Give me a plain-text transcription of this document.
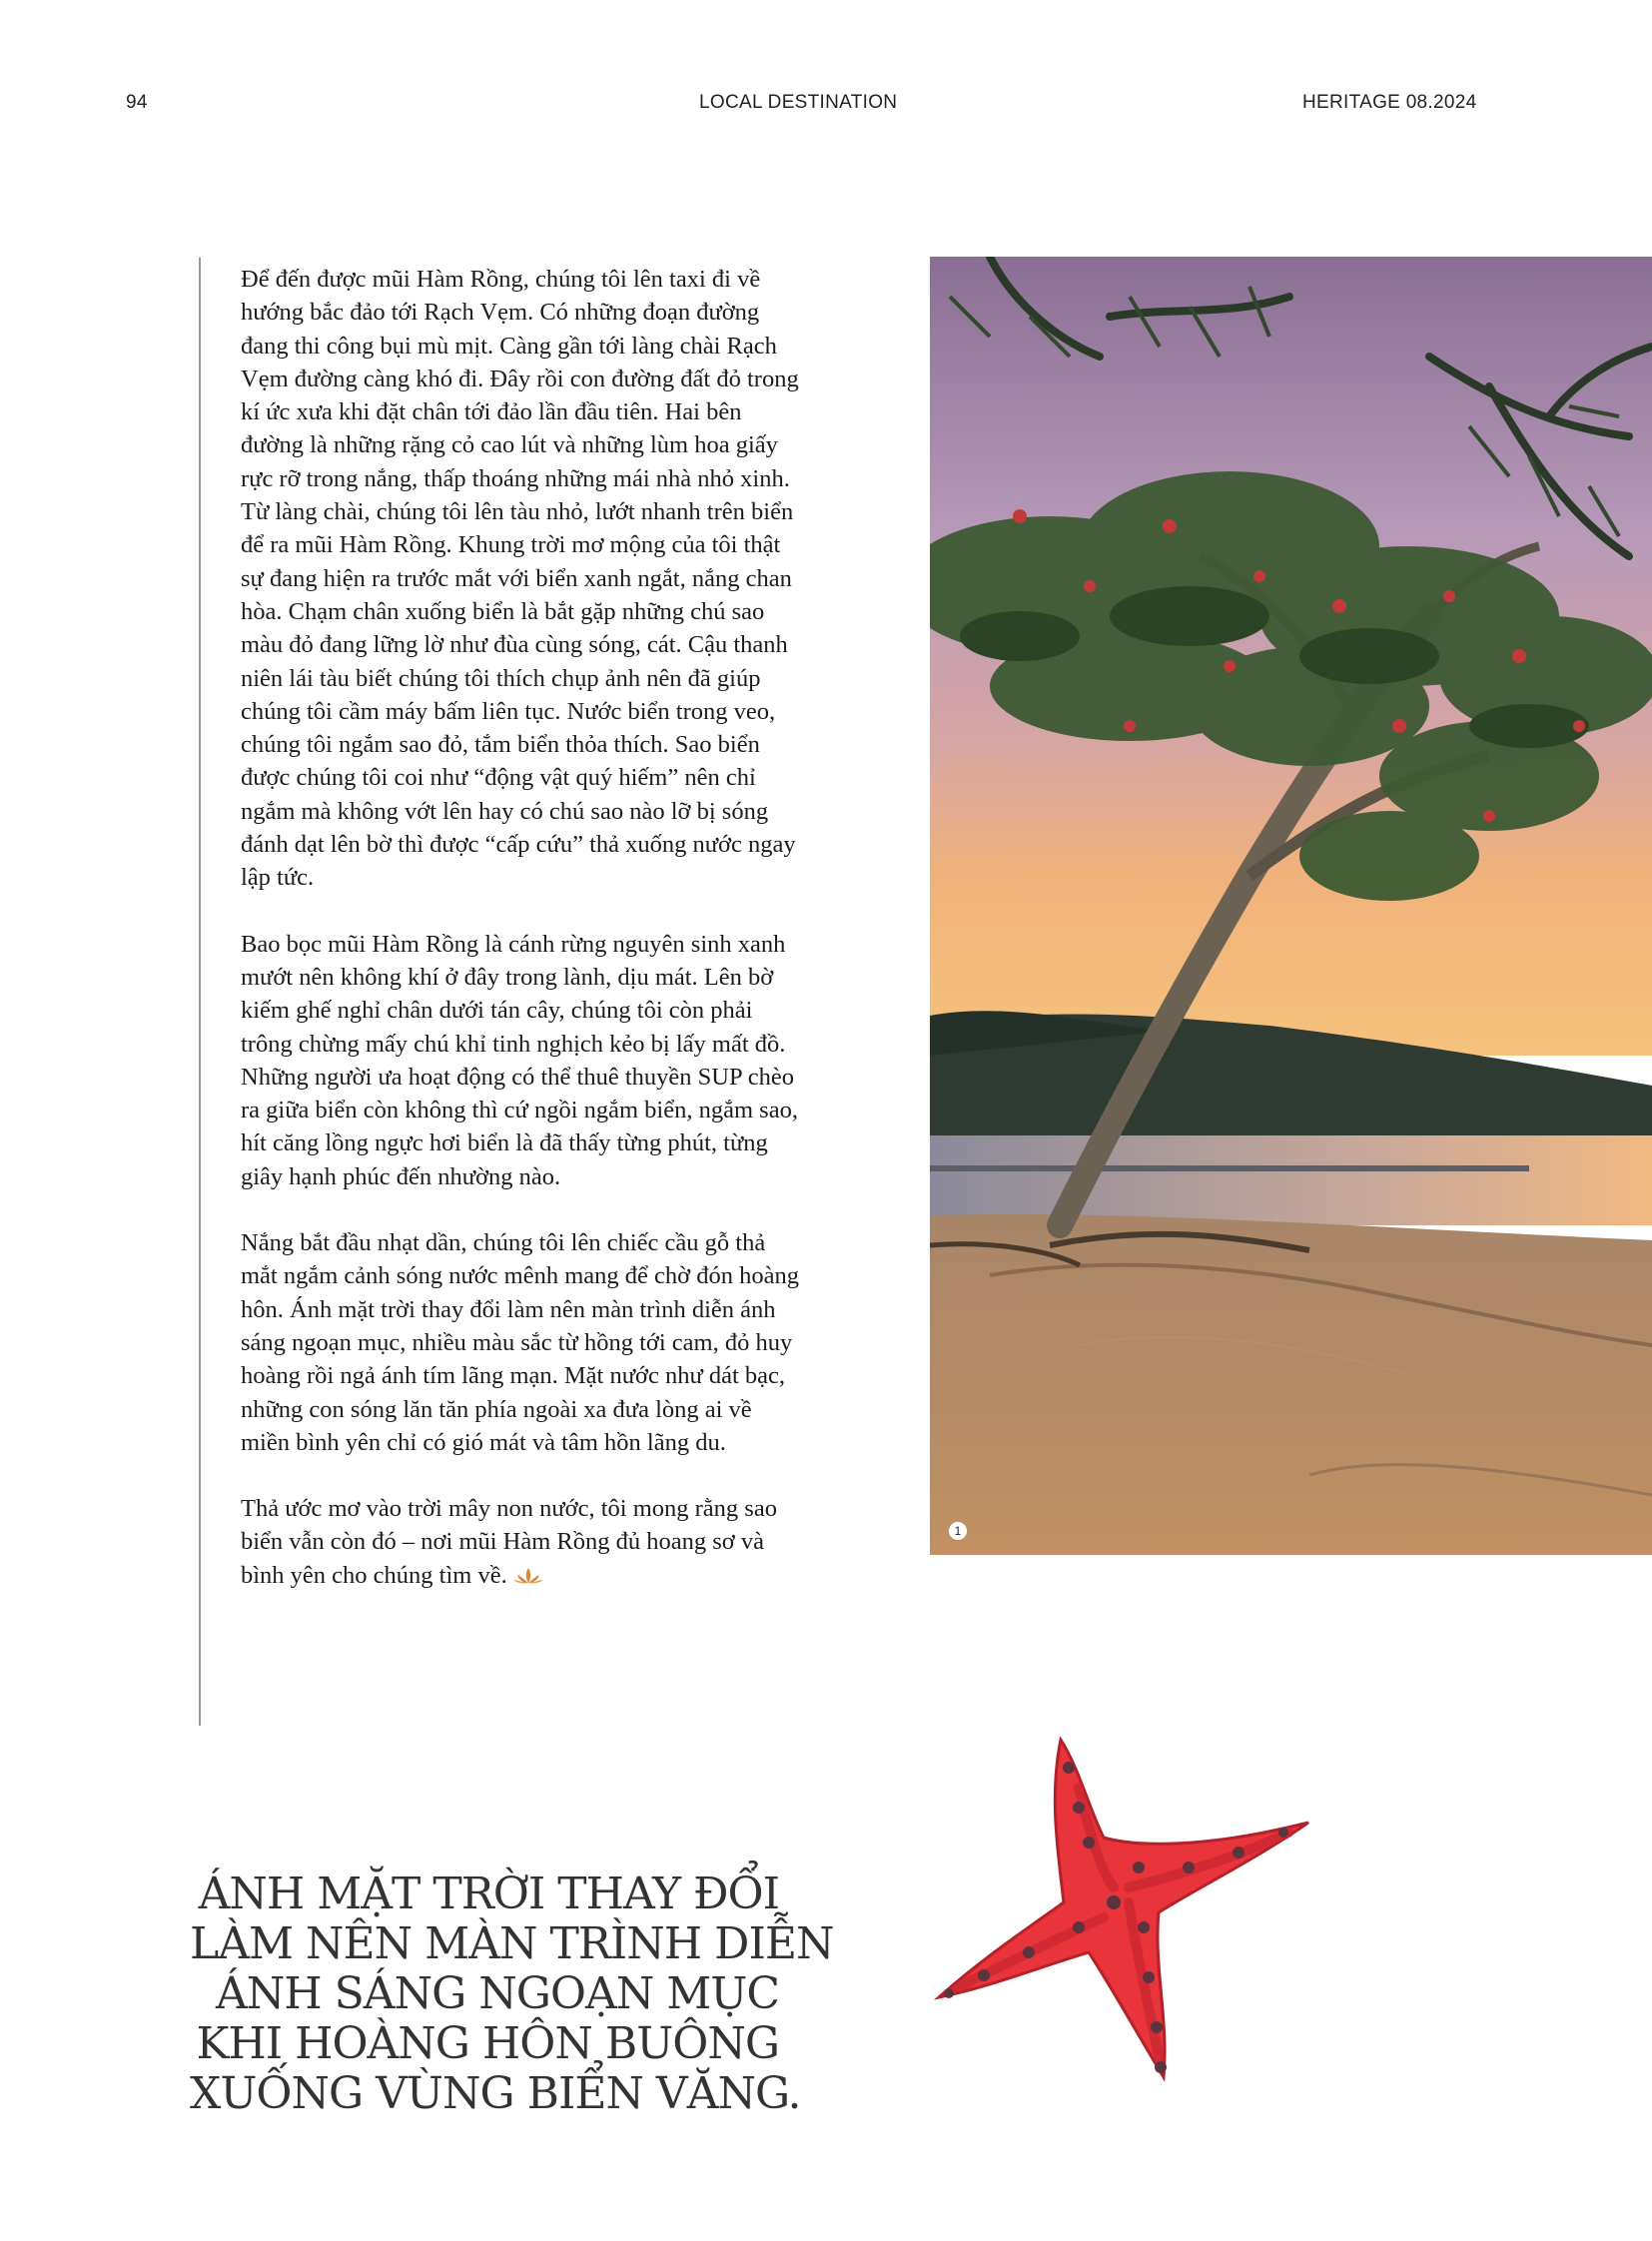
94	LOCAL DESTINATION	HERITAGE 08.2024

Để đến được mũi Hàm Rồng, chúng tôi lên taxi đi về hướng bắc đảo tới Rạch Vẹm. Có những đoạn đường đang thi công bụi mù mịt. Càng gần tới làng chài Rạch Vẹm đường càng khó đi. Đây rồi con đường đất đỏ trong kí ức xưa khi đặt chân tới đảo lần đầu tiên. Hai bên đường là những rặng cỏ cao lút và những lùm hoa giấy rực rỡ trong nắng, thấp thoáng những mái nhà nhỏ xinh. Từ làng chài, chúng tôi lên tàu nhỏ, lướt nhanh trên biển để ra mũi Hàm Rồng. Khung trời mơ mộng của tôi thật sự đang hiện ra trước mắt với biển xanh ngắt, nắng chan hòa. Chạm chân xuống biển là bắt gặp những chú sao màu đỏ đang lững lờ như đùa cùng sóng, cát. Cậu thanh niên lái tàu biết chúng tôi thích chụp ảnh nên đã giúp chúng tôi cầm máy bấm liên tục. Nước biển trong veo, chúng tôi ngắm sao đỏ, tắm biển thỏa thích. Sao biển được chúng tôi coi như “động vật quý hiếm” nên chỉ ngắm mà không vớt lên hay có chú sao nào lỡ bị sóng đánh dạt lên bờ thì được “cấp cứu” thả xuống nước ngay lập tức.

Bao bọc mũi Hàm Rồng là cánh rừng nguyên sinh xanh mướt nên không khí ở đây trong lành, dịu mát. Lên bờ kiếm ghế nghỉ chân dưới tán cây, chúng tôi còn phải trông chừng mấy chú khỉ tinh nghịch kẻo bị lấy mất đồ. Những người ưa hoạt động có thể thuê thuyền SUP chèo ra giữa biển còn không thì cứ ngồi ngắm biển, ngắm sao, hít căng lồng ngực hơi biển là đã thấy từng phút, từng giây hạnh phúc đến nhường nào.

Nắng bắt đầu nhạt dần, chúng tôi lên chiếc cầu gỗ thả mắt ngắm cảnh sóng nước mênh mang để chờ đón hoàng hôn. Ánh mặt trời thay đổi làm nên màn trình diễn ánh sáng ngoạn mục, nhiều màu sắc từ hồng tới cam, đỏ huy hoàng rồi ngả ánh tím lãng mạn. Mặt nước như dát bạc, những con sóng lăn tăn phía ngoài xa đưa lòng ai về miền bình yên chỉ có gió mát và tâm hồn lãng du.

Thả ước mơ vào trời mây non nước, tôi mong rằng sao biển vẫn còn đó – nơi mũi Hàm Rồng đủ hoang sơ và bình yên cho chúng tìm về.

1
ÁNH MẶT TRỜI THAY ĐỔI
LÀM NÊN MÀN TRÌNH DIỄN
ÁNH SÁNG NGOẠN MỤC
KHI HOÀNG HÔN BUÔNG
XUỐNG VÙNG BIỂN VĂNG.
